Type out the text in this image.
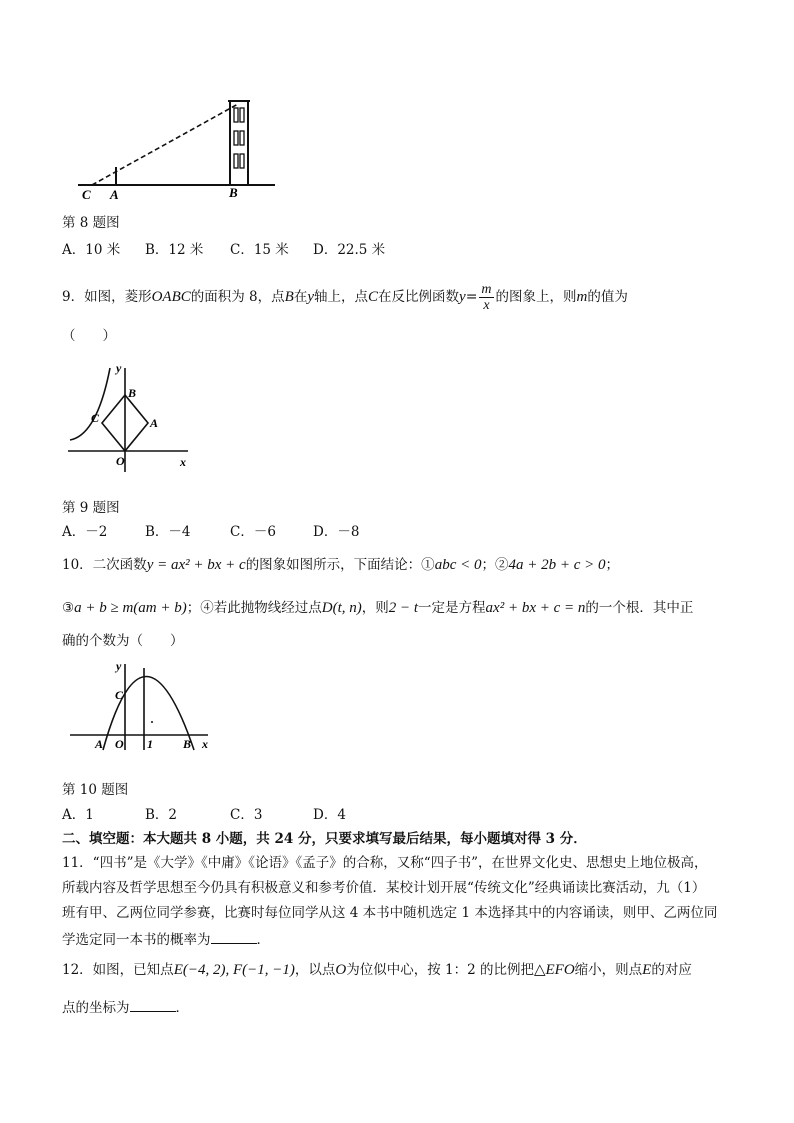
C A	B
第 8 题图
A．10 米 B．12 米 C．15 米 D．22.5 米
9．如图，菱形OABC的面积为 8，点B在y轴上，点C在反比例函数$y= \frac{m}{x}$ 的图象上，则m的值为
（　　）
y
x
O
B
C	A
第 9 题图
A．－2	B．－4	C．－6	D．－8
10．二次函数y = ax² + bx + c的图象如图所示，下面结论：①abc < 0；②4a + 2b + c > 0；
③a + b ≥ m(am + b)；④若此抛物线经过点D(t, n)，则2 − t一定是方程ax² + bx + c = n的一个根．其中正
确的个数为（　　）
y
x
O
C
A	B
1
第 10 题图
A．1	B．2	C．3	D．4
二、填空题：本大题共 8 小题，共 24 分，只要求填写最后结果，每小题填对得 3 分．
11．“四书”是《大学》《中庸》《论语》《孟子》的合称，又称“四子书”，在世界文化史、思想史上地位极高，
所载内容及哲学思想至今仍具有积极意义和参考价值．某校计划开展“传统文化”经典诵读比赛活动，九（1）
班有甲、乙两位同学参赛，比赛时每位同学从这 4 本书中随机选定 1 本选择其中的内容诵读，则甲、乙两位同
学选定同一本书的概率为	．
12．如图，已知点E(−4, 2), F(−1, −1)，以点O为位似中心，按 1：2 的比例把△EFO缩小，则点E的对应
点的坐标为	．
